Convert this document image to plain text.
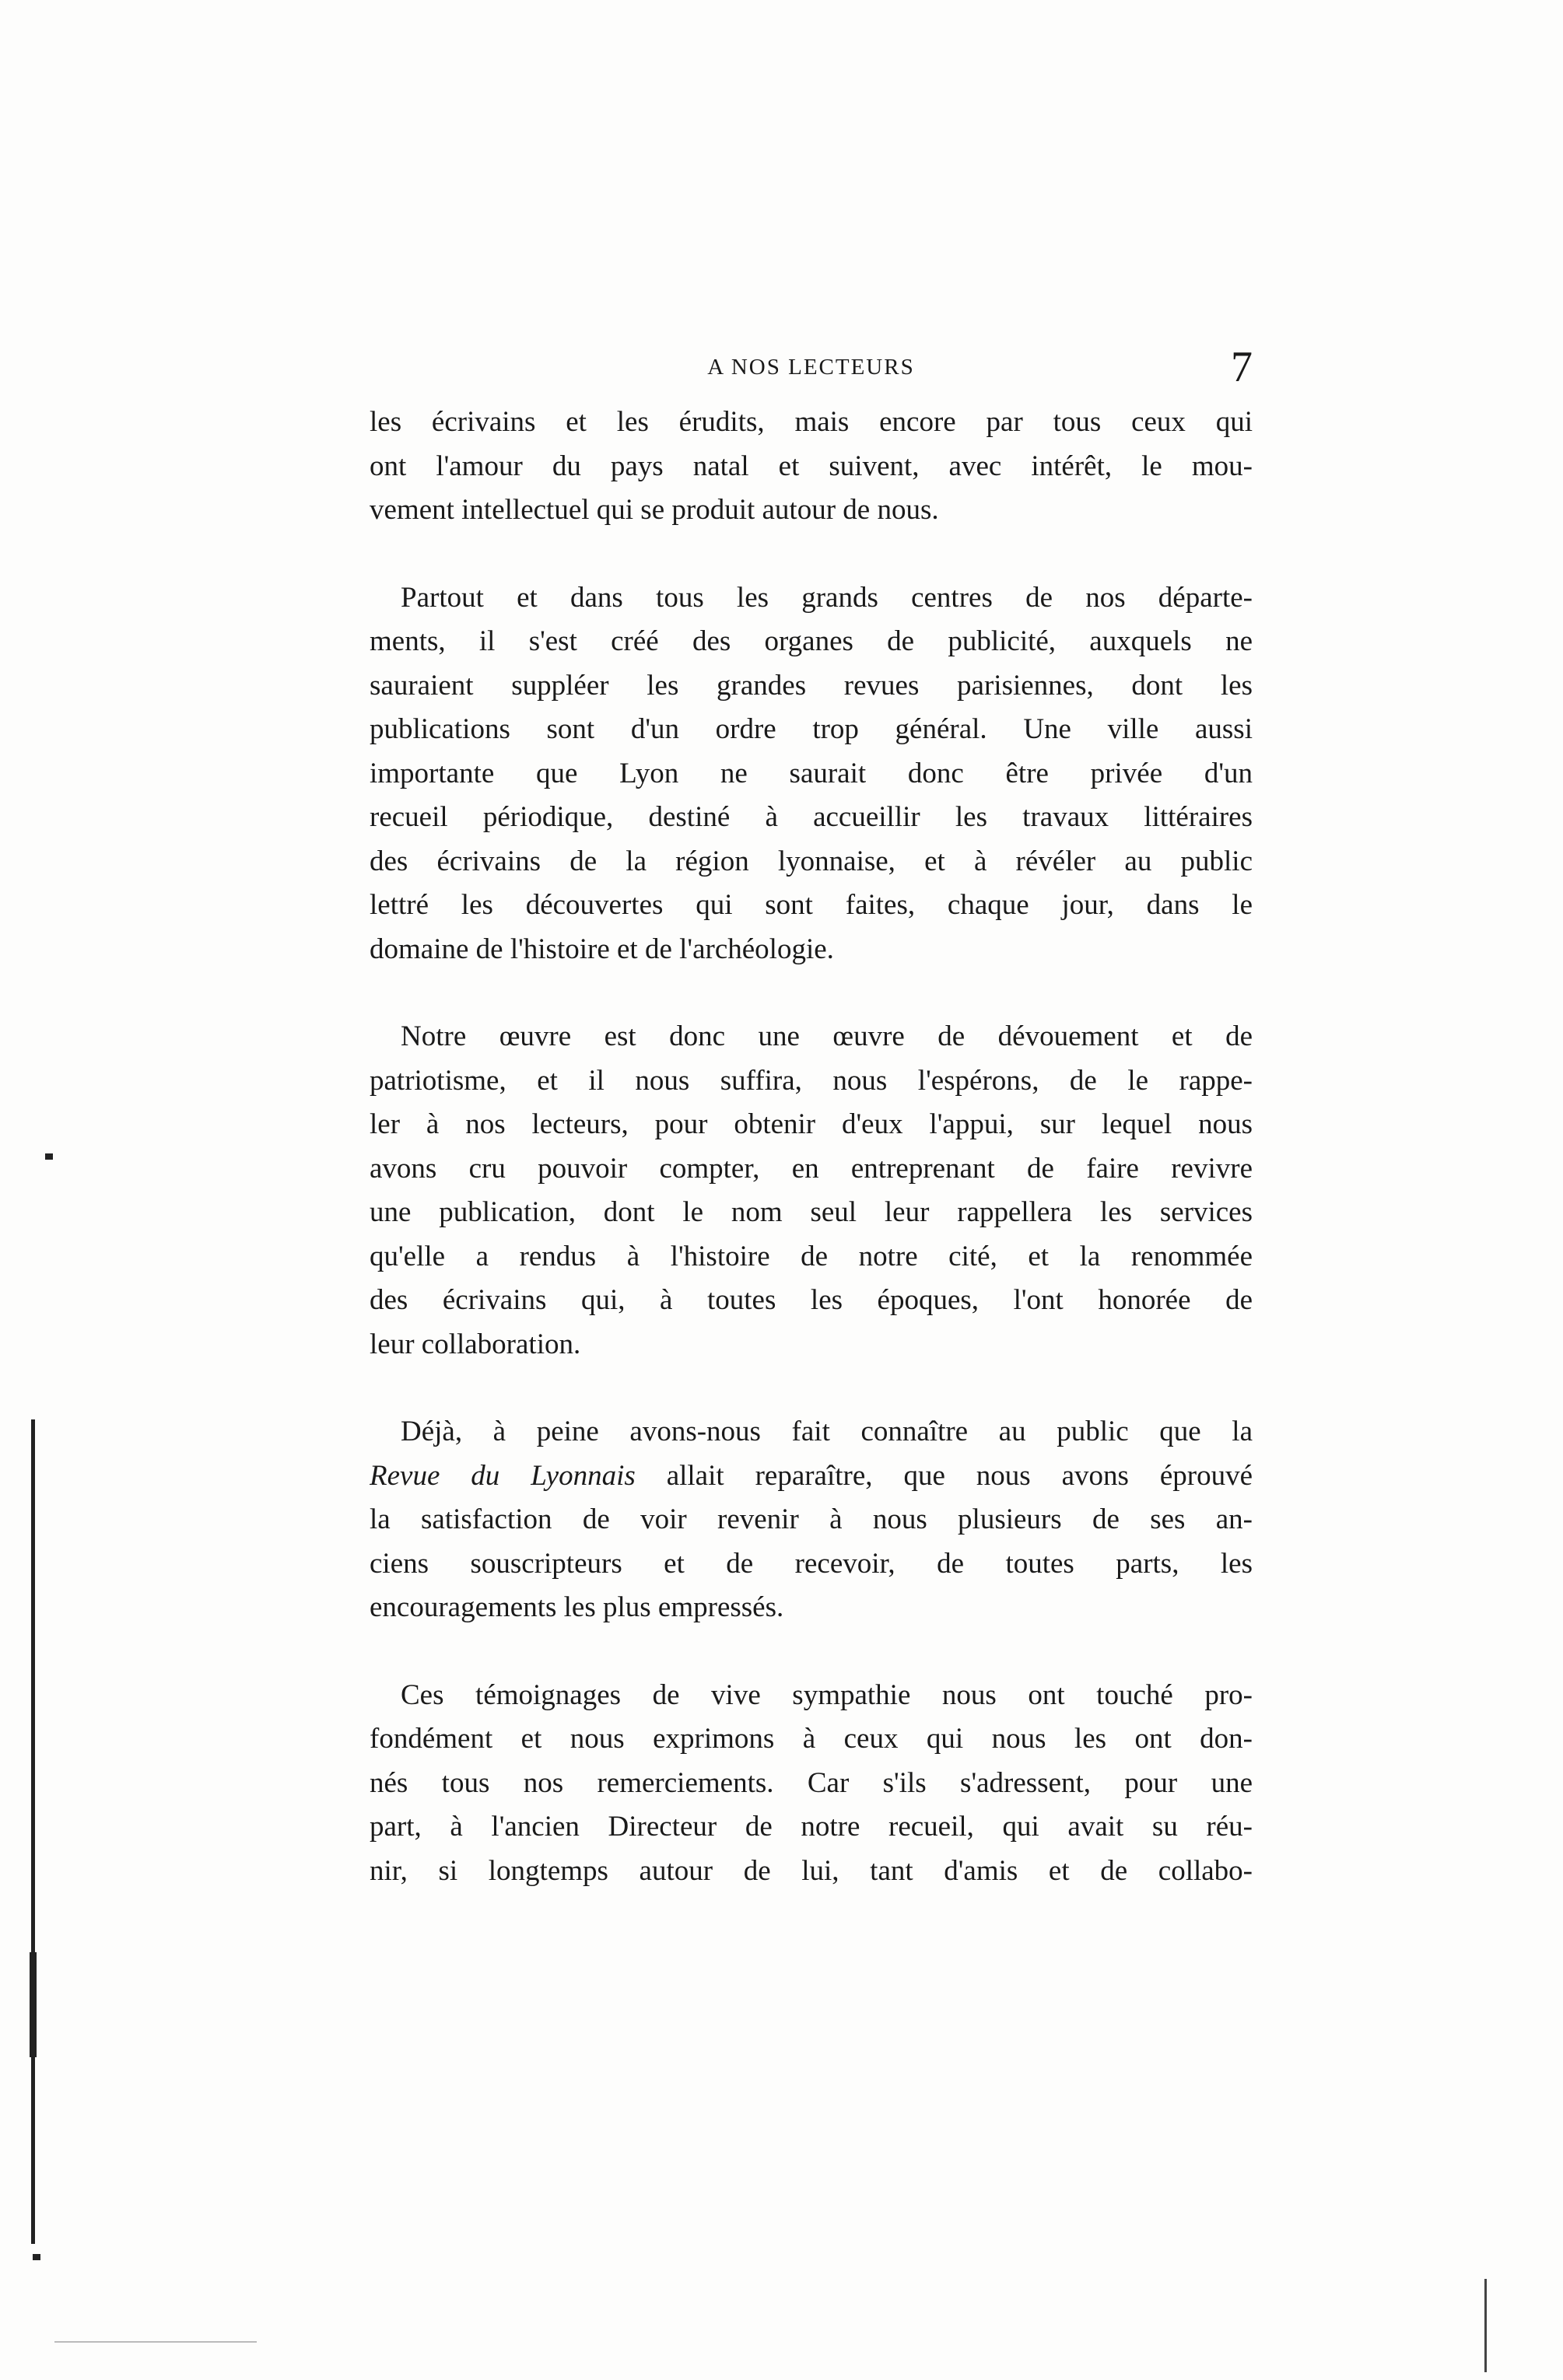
A NOS LECTEURS	7
les écrivains et les érudits, mais encore par tous ceux qui
ont l'amour du pays natal et suivent, avec intérêt, le mou-
vement intellectuel qui se produit autour de nous.
Partout et dans tous les grands centres de nos départe-
ments, il s'est créé des organes de publicité, auxquels ne
sauraient suppléer les grandes revues parisiennes, dont les
publications sont d'un ordre trop général. Une ville aussi
importante que Lyon ne saurait donc être privée d'un
recueil périodique, destiné à accueillir les travaux littéraires
des écrivains de la région lyonnaise, et à révéler au public
lettré les découvertes qui sont faites, chaque jour, dans le
domaine de l'histoire et de l'archéologie.
Notre œuvre est donc une œuvre de dévouement et de
patriotisme, et il nous suffira, nous l'espérons, de le rappe-
ler à nos lecteurs, pour obtenir d'eux l'appui, sur lequel nous
avons cru pouvoir compter, en entreprenant de faire revivre
une publication, dont le nom seul leur rappellera les services
qu'elle a rendus à l'histoire de notre cité, et la renommée
des écrivains qui, à toutes les époques, l'ont honorée de
leur collaboration.
Déjà, à peine avons-nous fait connaître au public que la
Revue du Lyonnais allait reparaître, que nous avons éprouvé
la satisfaction de voir revenir à nous plusieurs de ses an-
ciens souscripteurs et de recevoir, de toutes parts, les
encouragements les plus empressés.
Ces témoignages de vive sympathie nous ont touché pro-
fondément et nous exprimons à ceux qui nous les ont don-
nés tous nos remerciements. Car s'ils s'adressent, pour une
part, à l'ancien Directeur de notre recueil, qui avait su réu-
nir, si longtemps autour de lui, tant d'amis et de collabo-
